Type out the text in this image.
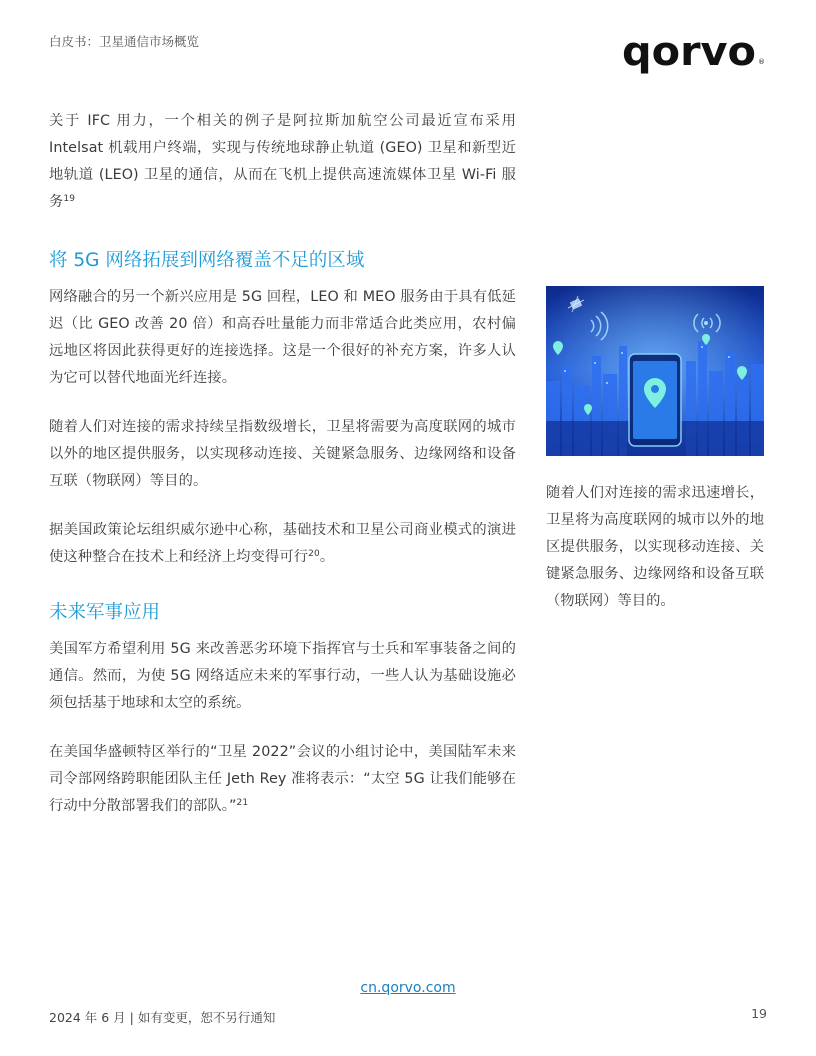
白皮书：卫星通信市场概览	qorvo ®

关于 IFC 用力，一个相关的例子是阿拉斯加航空公司最近宣布采用 Intelsat 机载用户终端，实现与传统地球静止轨道 (GEO) 卫星和新型近地轨道 (LEO) 卫星的通信，从而在飞机上提供高速流媒体卫星 Wi-Fi 服务$^{19}$

将 5G 网络拓展到网络覆盖不足的区域

网络融合的另一个新兴应用是 5G 回程，LEO 和 MEO 服务由于具有低延迟（比 GEO 改善 20 倍）和高吞吐量能力而非常适合此类应用，农村偏远地区将因此获得更好的连接选择。这是一个很好的补充方案，许多人认为它可以替代地面光纤连接。

随着人们对连接的需求持续呈指数级增长，卫星将需要为高度联网的城市以外的地区提供服务，以实现移动连接、关键紧急服务、边缘网络和设备互联（物联网）等目的。

据美国政策论坛组织威尔逊中心称，基础技术和卫星公司商业模式的演进使这种整合在技术上和经济上均变得可行$^{20}$。

未来军事应用

美国军方希望利用 5G 来改善恶劣环境下指挥官与士兵和军事装备之间的通信。然而，为使 5G 网络适应未来的军事行动，一些人认为基础设施必须包括基于地球和太空的系统。

在美国华盛顿特区举行的“卫星 2022”会议的小组讨论中，美国陆军未来司令部网络跨职能团队主任 Jeth Rey 准将表示：“太空 5G 让我们能够在行动中分散部署我们的部队。”$^{21}$

随着人们对连接的需求迅速增长，卫星将为高度联网的城市以外的地区提供服务，以实现移动连接、关键紧急服务、边缘网络和设备互联（物联网）等目的。

cn.qorvo.com
2024 年 6 月 | 如有变更，恕不另行通知	19
